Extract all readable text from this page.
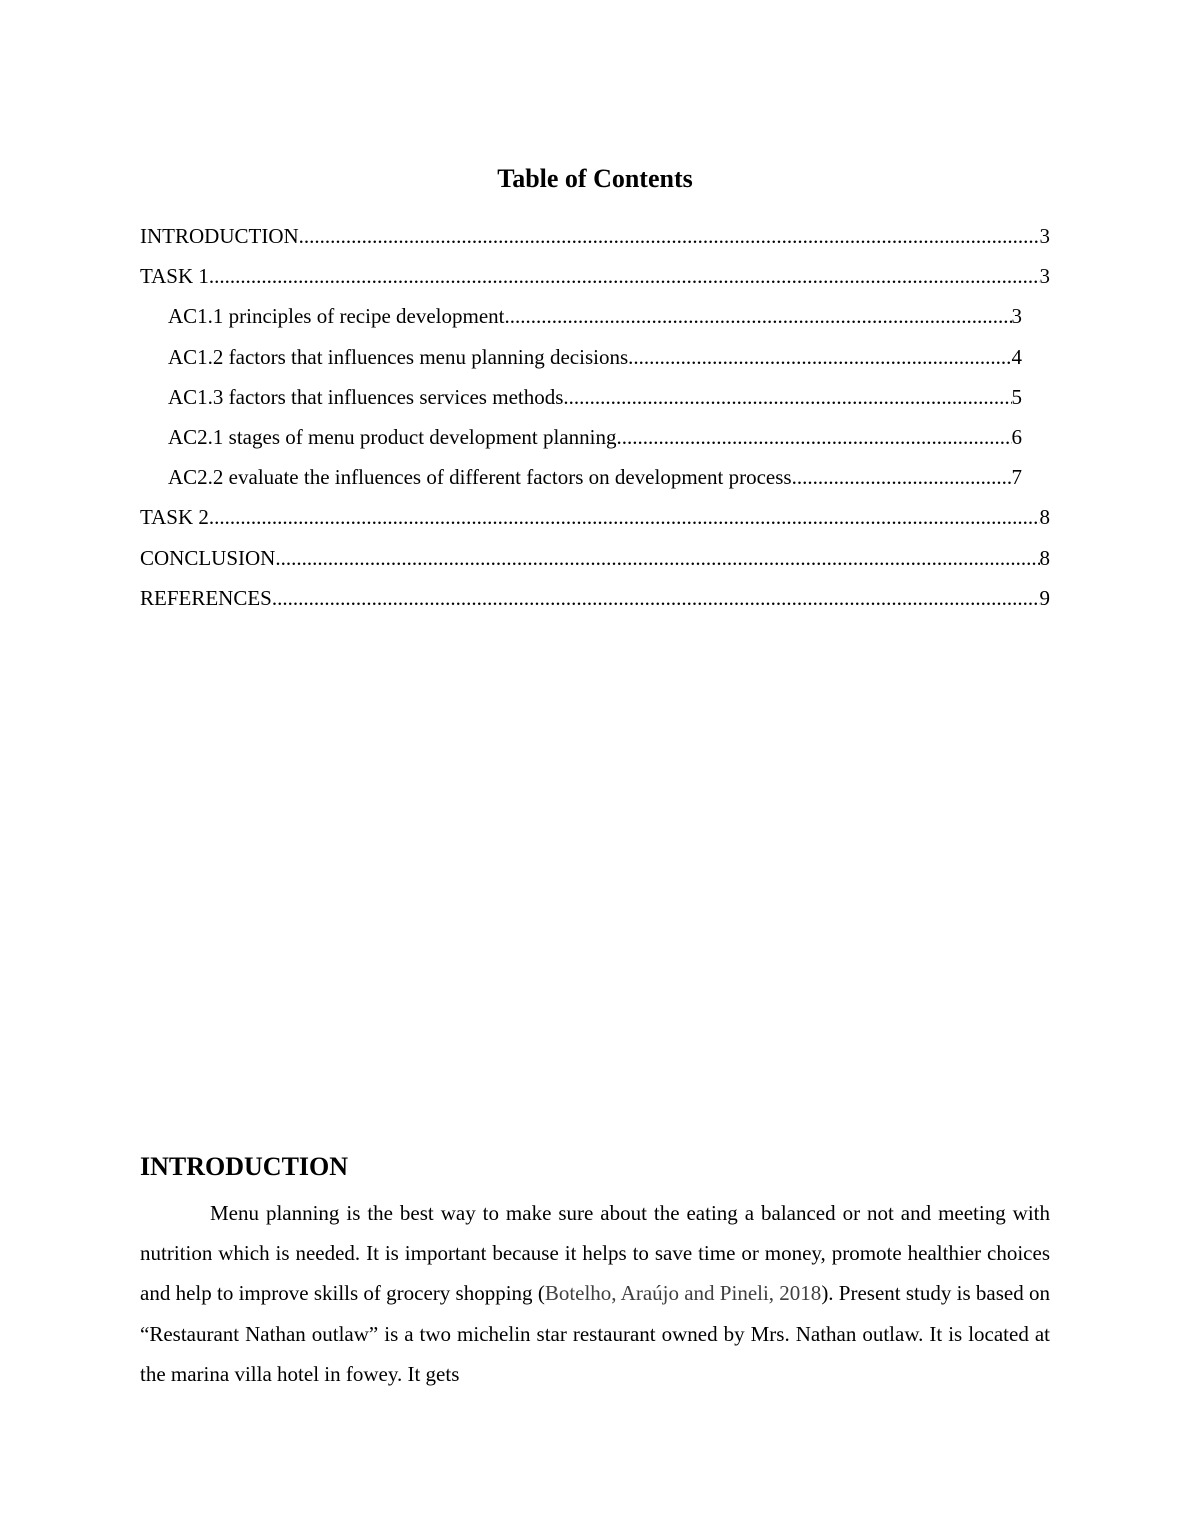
Table of Contents
INTRODUCTION .....	3
TASK 1 .....	3
AC1.1 principles of recipe development .....	3
AC1.2 factors that influences menu planning decisions .....	4
AC1.3 factors that influences services methods .....	5
AC2.1 stages of menu product development planning .....	6
AC2.2 evaluate the influences of different factors on development process .....	7
TASK 2 .....	8
CONCLUSION .....	8
REFERENCES .....	9
INTRODUCTION

Menu planning is the best way to make sure about the eating a balanced or not and meeting with nutrition which is needed. It is important because it helps to save time or money, promote healthier choices and help to improve skills of grocery shopping (Botelho, Araújo and Pineli, 2018). Present study is based on “Restaurant Nathan outlaw” is a two michelin star restaurant owned by Mrs. Nathan outlaw. It is located at the marina villa hotel in fowey. It gets
